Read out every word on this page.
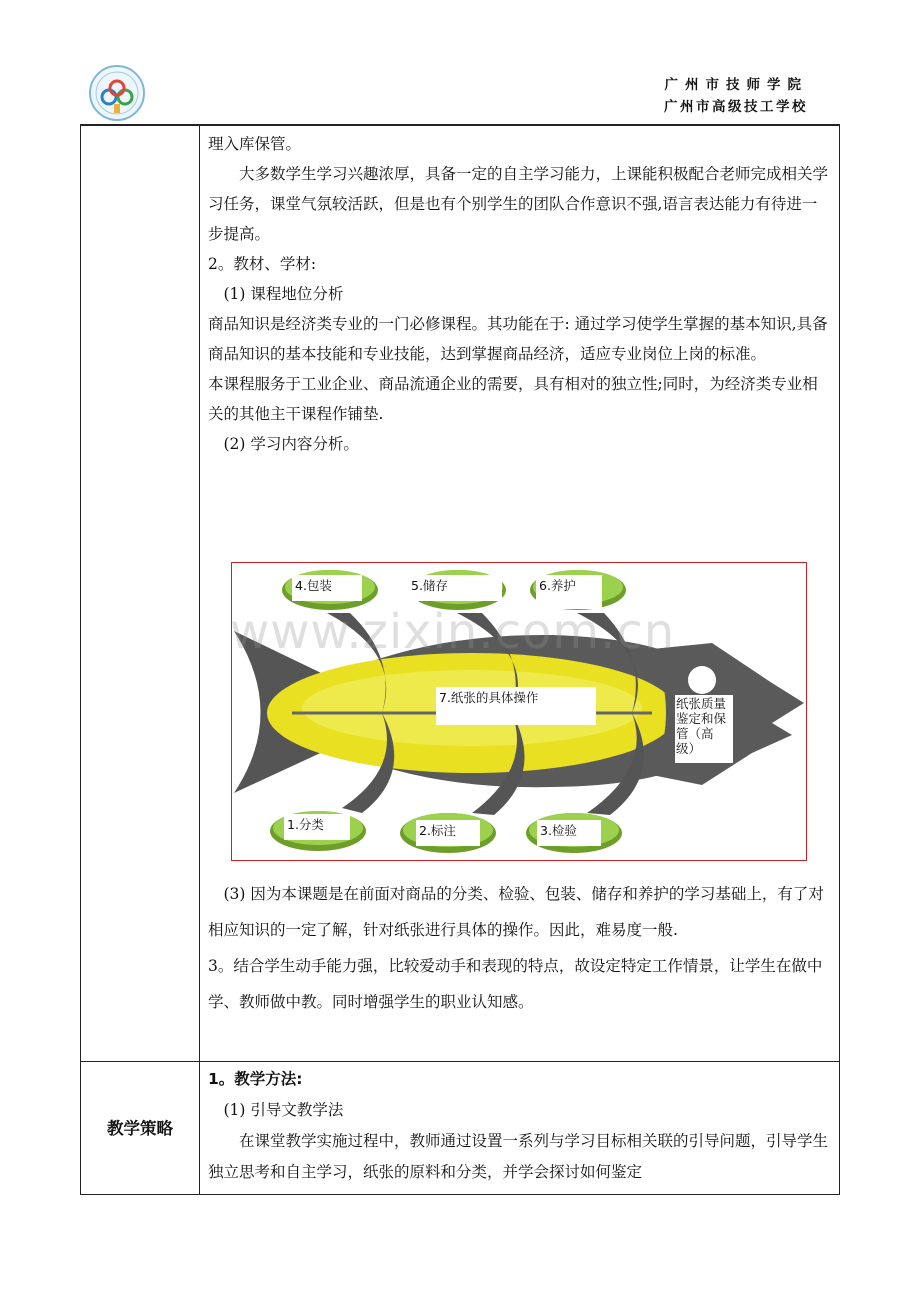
广州市技师学院
广州市高级技工学校
教学策略

理入库保管。

大多数学生学习兴趣浓厚，具备一定的自主学习能力，上课能积极配合老师完成相关学习任务，课堂气氛较活跃，但是也有个别学生的团队合作意识不强,语言表达能力有待进一步提高。

2。教材、学材:

(1) 课程地位分析

商品知识是经济类专业的一门必修课程。其功能在于: 通过学习使学生掌握的基本知识,具备商品知识的基本技能和专业技能，达到掌握商品经济，适应专业岗位上岗的标准。

本课程服务于工业企业、商品流通企业的需要，具有相对的独立性;同时，为经济类专业相关的其他主干课程作铺垫.

(2) 学习内容分析。

4.包装	5.储存	6.养护
7.纸张的具体操作	纸张质量鉴定和保管（高级）
1.分类	2.标注	3.检验
www.zixin.com.cn

(3) 因为本课题是在前面对商品的分类、检验、包装、储存和养护的学习基础上，有了对相应知识的一定了解，针对纸张进行具体的操作。因此，难易度一般.

3。结合学生动手能力强，比较爱动手和表现的特点，故设定特定工作情景，让学生在做中学、教师做中教。同时增强学生的职业认知感。

1。教学方法:

(1) 引导文教学法

在课堂教学实施过程中，教师通过设置一系列与学习目标相关联的引导问题，引导学生独立思考和自主学习，纸张的原料和分类，并学会探讨如何鉴定
